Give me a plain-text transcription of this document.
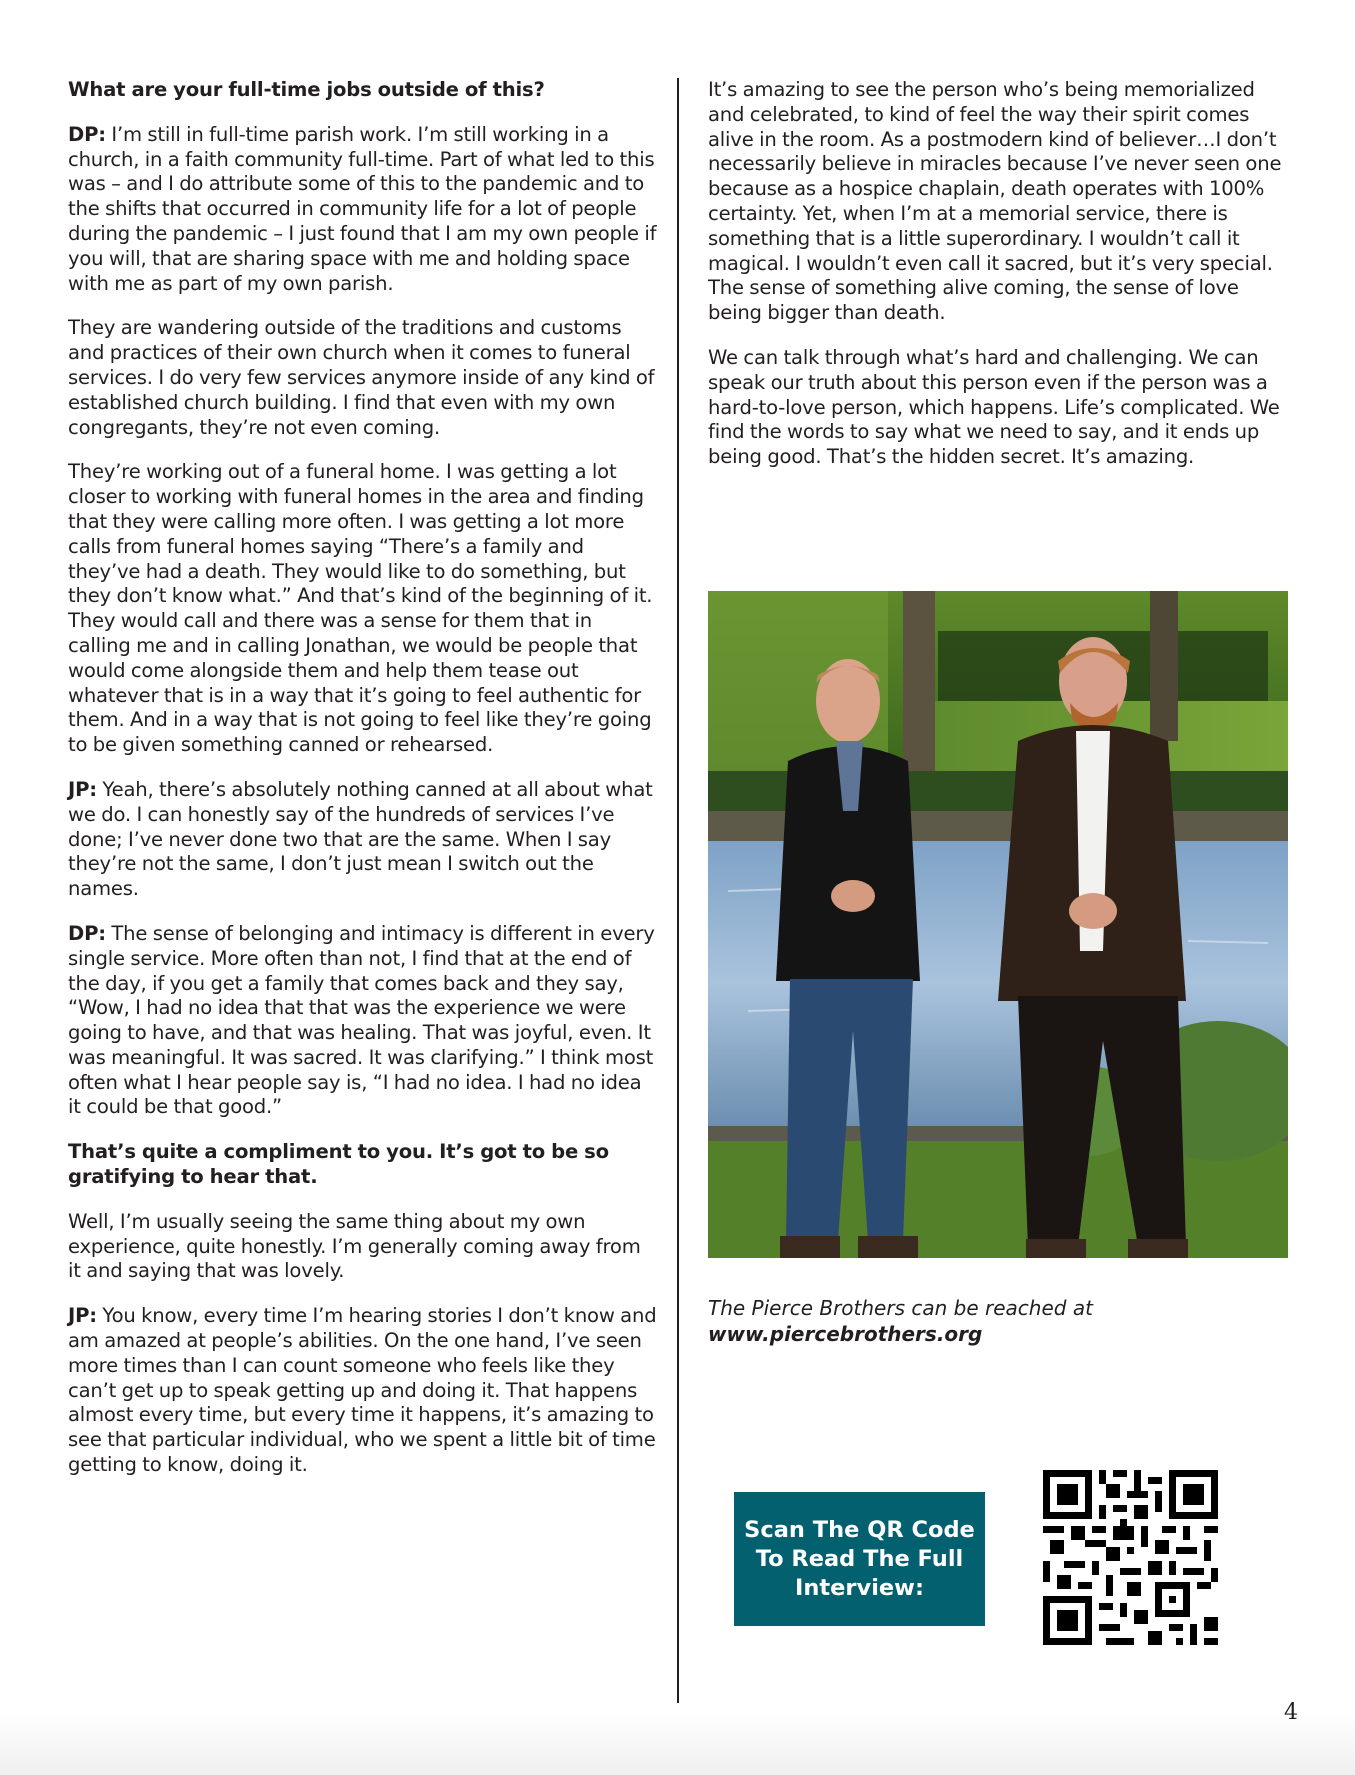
What are your full-time jobs outside of this?

DP: I’m still in full-time parish work. I’m still working in a church, in a faith community full-time. Part of what led to this was – and I do attribute some of this to the pandemic and to the shifts that occurred in community life for a lot of people during the pandemic – I just found that I am my own people if you will, that are sharing space with me and holding space with me as part of my own parish.

They are wandering outside of the traditions and customs and practices of their own church when it comes to funeral services. I do very few services anymore inside of any kind of established church building. I find that even with my own congregants, they’re not even coming.

They’re working out of a funeral home. I was getting a lot closer to working with funeral homes in the area and finding that they were calling more often. I was getting a lot more calls from funeral homes saying “There’s a family and they’ve had a death. They would like to do something, but they don’t know what.” And that’s kind of the beginning of it. They would call and there was a sense for them that in calling me and in calling Jonathan, we would be people that would come alongside them and help them tease out whatever that is in a way that it’s going to feel authentic for them. And in a way that is not going to feel like they’re going to be given something canned or rehearsed.

JP: Yeah, there’s absolutely nothing canned at all about what we do. I can honestly say of the hundreds of services I’ve done; I’ve never done two that are the same. When I say they’re not the same, I don’t just mean I switch out the names.

DP: The sense of belonging and intimacy is different in every single service. More often than not, I find that at the end of the day, if you get a family that comes back and they say, “Wow, I had no idea that that was the experience we were going to have, and that was healing. That was joyful, even. It was meaningful. It was sacred. It was clarifying.” I think most often what I hear people say is, “I had no idea. I had no idea it could be that good.”

That’s quite a compliment to you. It’s got to be so gratifying to hear that.

Well, I’m usually seeing the same thing about my own experience, quite honestly. I’m generally coming away from it and saying that was lovely.

JP: You know, every time I’m hearing stories I don’t know and am amazed at people’s abilities. On the one hand, I’ve seen more times than I can count someone who feels like they can’t get up to speak getting up and doing it. That happens almost every time, but every time it happens, it’s amazing to see that particular individual, who we spent a little bit of time getting to know, doing it.

It’s amazing to see the person who’s being memorialized and celebrated, to kind of feel the way their spirit comes alive in the room. As a postmodern kind of believer…I don’t necessarily believe in miracles because I’ve never seen one because as a hospice chaplain, death operates with 100% certainty. Yet, when I’m at a memorial service, there is something that is a little superordinary. I wouldn’t call it magical. I wouldn’t even call it sacred, but it’s very special. The sense of something alive coming, the sense of love being bigger than death.

We can talk through what’s hard and challenging. We can speak our truth about this person even if the person was a hard-to-love person, which happens. Life’s complicated. We find the words to say what we need to say, and it ends up being good. That’s the hidden secret. It’s amazing.

The Pierce Brothers can be reached at
www.piercebrothers.org
Scan The QR Code To Read The Full Interview:
4
